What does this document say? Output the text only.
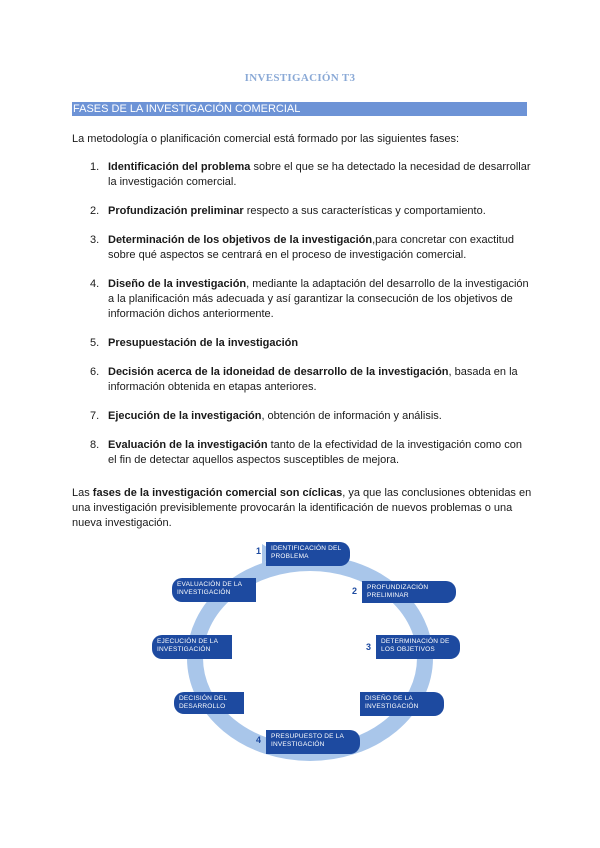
INVESTIGACIÓN T3
FASES DE LA INVESTIGACIÓN COMERCIAL
La metodología o planificación comercial está formado por las siguientes fases:
1. Identificación del problema sobre el que se ha detectado la necesidad de desarrollar la investigación comercial.
2. Profundización preliminar respecto a sus características y comportamiento.
3. Determinación de los objetivos de la investigación,para concretar con exactitud sobre qué aspectos se centrará en el proceso de investigación comercial.
4. Diseño de la investigación, mediante la adaptación del desarrollo de la investigación a la planificación más adecuada y así garantizar la consecución de los objetivos de información dichos anteriormente.
5. Presupuestación de la investigación
6. Decisión acerca de la idoneidad de desarrollo de la investigación, basada en la información obtenida en etapas anteriores.
7. Ejecución de la investigación, obtención de información y análisis.
8. Evaluación de la investigación tanto de la efectividad de la investigación como con el fin de detectar aquellos aspectos susceptibles de mejora.
Las fases de la investigación comercial son cíclicas, ya que las conclusiones obtenidas en una investigación previsiblemente provocarán la identificación de nuevos problemas o una nueva investigación.
IDENTIFICACIÓN DEL PROBLEMA
1
PROFUNDIZACIÓN PRELIMINAR
2
DETERMINACIÓN DE LOS OBJETIVOS
3
DISEÑO DE LA INVESTIGACIÓN
PRESUPUESTO DE LA INVESTIGACIÓN
4
DECISIÓN DEL DESARROLLO
EJECUCIÓN DE LA INVESTIGACIÓN
EVALUACIÓN DE LA INVESTIGACIÓN
